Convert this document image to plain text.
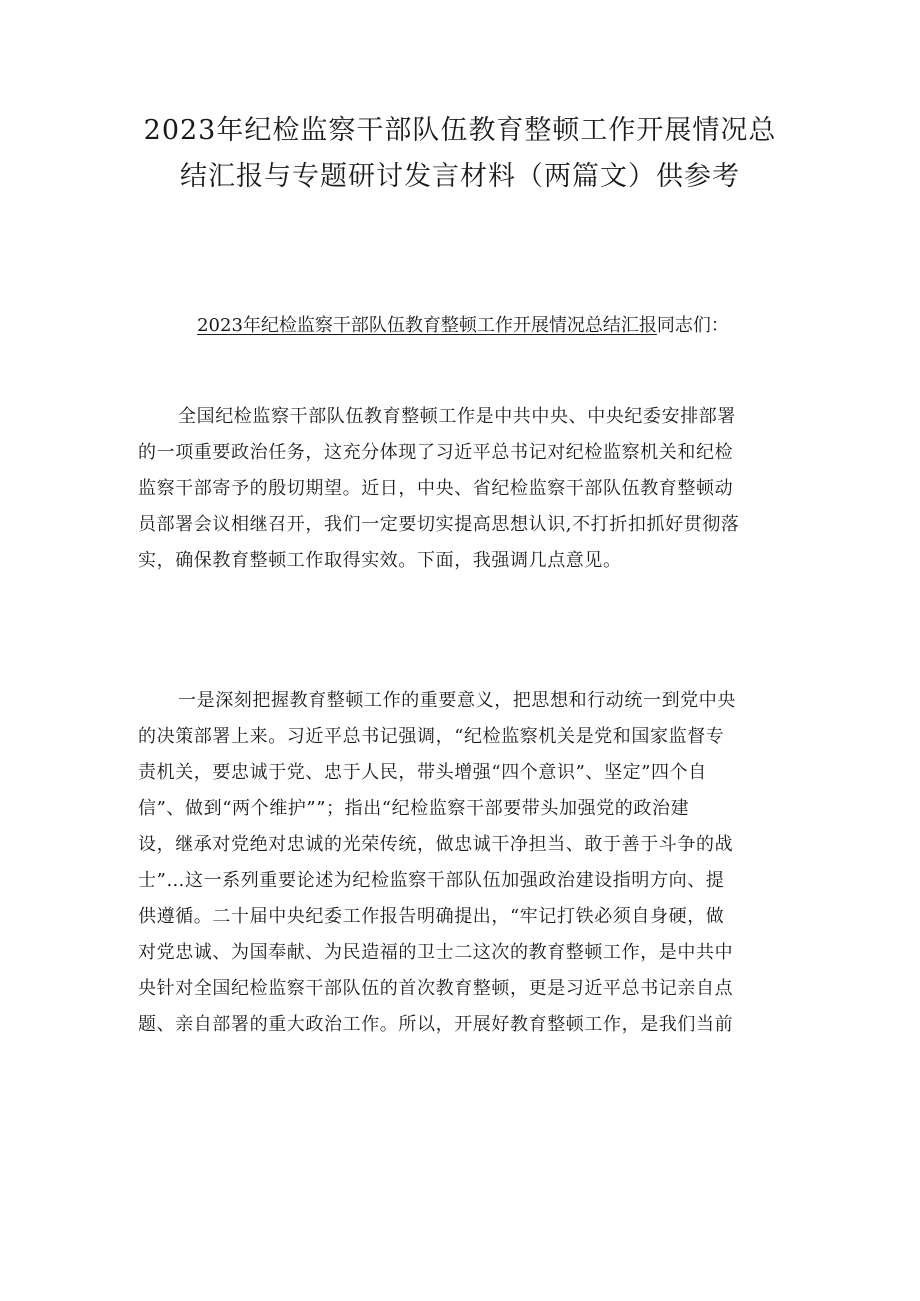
2023年纪检监察干部队伍教育整顿工作开展情况总
结汇报与专题研讨发言材料（两篇文）供参考
2023年纪检监察干部队伍教育整顿工作开展情况总结汇报同志们：
全国纪检监察干部队伍教育整顿工作是中共中央、中央纪委安排部署
的一项重要政治任务，这充分体现了习近平总书记对纪检监察机关和纪检
监察干部寄予的殷切期望。近日，中央、省纪检监察干部队伍教育整顿动
员部署会议相继召开，我们一定要切实提高思想认识,不打折扣抓好贯彻落
实，确保教育整顿工作取得实效。下面，我强调几点意见。
一是深刻把握教育整顿工作的重要意义，把思想和行动统一到党中央
的决策部署上来。习近平总书记强调，“纪检监察机关是党和国家监督专
责机关，要忠诚于党、忠于人民，带头增强“四个意识”、坚定”四个自
信”、做到“两个维护””；指出“纪检监察干部要带头加强党的政治建
设，继承对党绝对忠诚的光荣传统，做忠诚干净担当、敢于善于斗争的战
士”…这一系列重要论述为纪检监察干部队伍加强政治建设指明方向、提
供遵循。二十届中央纪委工作报告明确提出，“牢记打铁必须自身硬，做
对党忠诚、为国奉献、为民造福的卫士二这次的教育整顿工作，是中共中
央针对全国纪检监察干部队伍的首次教育整顿，更是习近平总书记亲自点
题、亲自部署的重大政治工作。所以，开展好教育整顿工作，是我们当前
